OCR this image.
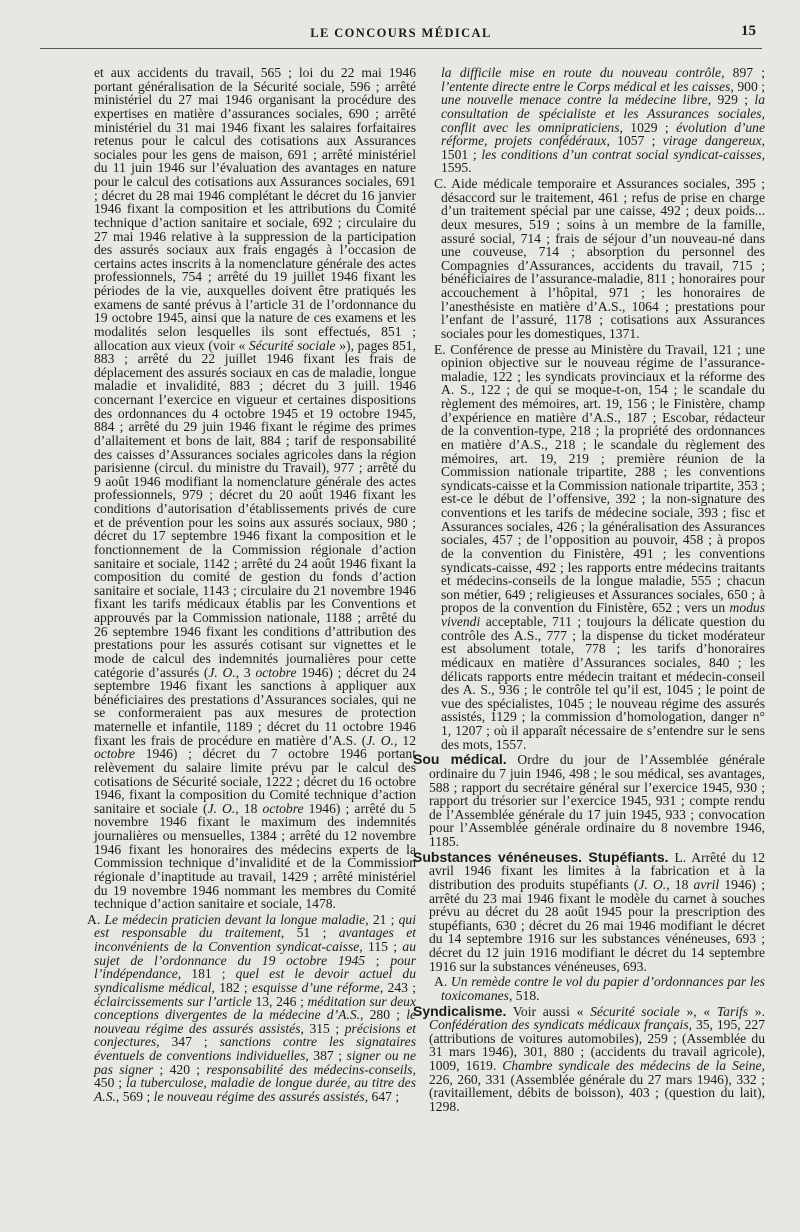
LE CONCOURS MÉDICAL	15

et aux accidents du travail, 565 ; loi du 22 mai 1946 portant généralisation de la Sécurité sociale, 596 ; arrêté ministériel du 27 mai 1946 organisant la procédure des expertises en matière d’assurances sociales, 690 ; arrêté ministériel du 31 mai 1946 fixant les salaires forfaitaires retenus pour le calcul des cotisations aux Assurances sociales pour les gens de maison, 691 ; arrêté ministériel du 11 juin 1946 sur l’évaluation des avantages en nature pour le calcul des cotisations aux Assurances sociales, 691 ; décret du 28 mai 1946 complétant le décret du 16 janvier 1946 fixant la composition et les attributions du Comité technique d’action sanitaire et sociale, 692 ; circulaire du 27 mai 1946 relative à la suppression de la participation des assurés sociaux aux frais engagés à l’occasion de certains actes inscrits à la nomenclature générale des actes professionnels, 754 ; arrêté du 19 juillet 1946 fixant les périodes de la vie, auxquelles doivent être pratiqués les examens de santé prévus à l’article 31 de l’ordonnance du 19 octobre 1945, ainsi que la nature de ces examens et les modalités selon lesquelles ils sont effectués, 851 ; allocation aux vieux (voir « Sécurité sociale »), pages 851, 883 ; arrêté du 22 juillet 1946 fixant les frais de déplacement des assurés sociaux en cas de maladie, longue maladie et invalidité, 883 ; décret du 3 juill. 1946 concernant l’exercice en vigueur et certaines dispositions des ordonnances du 4 octobre 1945 et 19 octobre 1945, 884 ; arrêté du 29 juin 1946 fixant le régime des primes d’allaitement et bons de lait, 884 ; tarif de responsabilité des caisses d’Assurances sociales agricoles dans la région parisienne (circul. du ministre du Travail), 977 ; arrêté du 9 août 1946 modifiant la nomenclature générale des actes professionnels, 979 ; décret du 20 août 1946 fixant les conditions d’autorisation d’établissements privés de cure et de prévention pour les soins aux assurés sociaux, 980 ; décret du 17 septembre 1946 fixant la composition et le fonctionnement de la Commission régionale d’action sanitaire et sociale, 1142 ; arrêté du 24 août 1946 fixant la composition du comité de gestion du fonds d’action sanitaire et sociale, 1143 ; circulaire du 21 novembre 1946 fixant les tarifs médicaux établis par les Conventions et approuvés par la Commission nationale, 1188 ; arrêté du 26 septembre 1946 fixant les conditions d’attribution des prestations pour les assurés cotisant sur vignettes et le mode de calcul des indemnités journalières pour cette catégorie d’assurés (J. O., 3 octobre 1946) ; décret du 24 septembre 1946 fixant les sanctions à appliquer aux bénéficiaires des prestations d’Assurances sociales, qui ne se conformeraient pas aux mesures de protection maternelle et infantile, 1189 ; décret du 11 octobre 1946 fixant les frais de procédure en matière d’A.S. (J. O., 12 octobre 1946) ; décret du 7 octobre 1946 portant relèvement du salaire limite prévu par le calcul des cotisations de Sécurité sociale, 1222 ; décret du 16 octobre 1946, fixant la composition du Comité technique d’action sanitaire et sociale (J. O., 18 octobre 1946) ; arrêté du 5 novembre 1946 fixant le maximum des indemnités journalières ou mensuelles, 1384 ; arrêté du 12 novembre 1946 fixant les honoraires des médecins experts de la Commission technique d’invalidité et de la Commission régionale d’inaptitude au travail, 1429 ; arrêté ministériel du 19 novembre 1946 nommant les membres du Comité technique d’action sanitaire et sociale, 1478.

A. Le médecin praticien devant la longue maladie, 21 ; qui est responsable du traitement, 51 ; avantages et inconvénients de la Convention syndicat-caisse, 115 ; au sujet de l’ordonnance du 19 octobre 1945 ; pour l’indépendance, 181 ; quel est le devoir actuel du syndicalisme médical, 182 ; esquisse d’une réforme, 243 ; éclaircissements sur l’article 13, 246 ; méditation sur deux conceptions divergentes de la médecine d’A.S., 280 ; le nouveau régime des assurés assistés, 315 ; précisions et conjectures, 347 ; sanctions contre les signataires éventuels de conventions individuelles, 387 ; signer ou ne pas signer ; 420 ; responsabilité des médecins-conseils, 450 ; la tuberculose, maladie de longue durée, au titre des A.S., 569 ; le nouveau régime des assurés assistés, 647 ;

la difficile mise en route du nouveau contrôle, 897 ; l’entente directe entre le Corps médical et les caisses, 900 ; une nouvelle menace contre la médecine libre, 929 ; la consultation de spécialiste et les Assurances sociales, conflit avec les omnipraticiens, 1029 ; évolution d’une réforme, projets confédéraux, 1057 ; virage dangereux, 1501 ; les conditions d’un contrat social syndicat-caisses, 1595.

C. Aide médicale temporaire et Assurances sociales, 395 ; désaccord sur le traitement, 461 ; refus de prise en charge d’un traitement spécial par une caisse, 492 ; deux poids... deux mesures, 519 ; soins à un membre de la famille, assuré social, 714 ; frais de séjour d’un nouveau-né dans une couveuse, 714 ; absorption du personnel des Compagnies d’Assurances, accidents du travail, 715 ; bénéficiaires de l’assurance-maladie, 811 ; honoraires pour accouchement à l’hôpital, 971 ; les honoraires de l’anesthésiste en matière d’A.S., 1064 ; prestations pour l’enfant de l’assuré, 1178 ; cotisations aux Assurances sociales pour les domestiques, 1371.

E. Conférence de presse au Ministère du Travail, 121 ; une opinion objective sur le nouveau régime de l’assurance-maladie, 122 ; les syndicats provinciaux et la réforme des A. S., 122 ; de qui se moque-t-on, 154 ; le scandale du règlement des mémoires, art. 19, 156 ; le Finistère, champ d’expérience en matière d’A.S., 187 ; Escobar, rédacteur de la convention-type, 218 ; la propriété des ordonnances en matière d’A.S., 218 ; le scandale du règlement des mémoires, art. 19, 219 ; première réunion de la Commission nationale tripartite, 288 ; les conventions syndicats-caisse et la Commission nationale tripartite, 353 ; est-ce le début de l’offensive, 392 ; la non-signature des conventions et les tarifs de médecine sociale, 393 ; fisc et Assurances sociales, 426 ; la généralisation des Assurances sociales, 457 ; de l’opposition au pouvoir, 458 ; à propos de la convention du Finistère, 491 ; les conventions syndicats-caisse, 492 ; les rapports entre médecins traitants et médecins-conseils de la longue maladie, 555 ; chacun son métier, 649 ; religieuses et Assurances sociales, 650 ; à propos de la convention du Finistère, 652 ; vers un modus vivendi acceptable, 711 ; toujours la délicate question du contrôle des A.S., 777 ; la dispense du ticket modérateur est absolument totale, 778 ; les tarifs d’honoraires médicaux en matière d’Assurances sociales, 840 ; les délicats rapports entre médecin traitant et médecin-conseil des A. S., 936 ; le contrôle tel qu’il est, 1045 ; le point de vue des spécialistes, 1045 ; le nouveau régime des assurés assistés, 1129 ; la commission d’homologation, danger n° 1, 1207 ; où il apparaît nécessaire de s’entendre sur le sens des mots, 1557.

Sou médical. Ordre du jour de l’Assemblée générale ordinaire du 7 juin 1946, 498 ; le sou médical, ses avantages, 588 ; rapport du secrétaire général sur l’exercice 1945, 930 ; rapport du trésorier sur l’exercice 1945, 931 ; compte rendu de l’Assemblée générale du 17 juin 1945, 933 ; convocation pour l’Assemblée générale ordinaire du 8 novembre 1946, 1185.

Substances vénéneuses. Stupéfiants. L. Arrêté du 12 avril 1946 fixant les limites à la fabrication et à la distribution des produits stupéfiants (J. O., 18 avril 1946) ; arrêté du 23 mai 1946 fixant le modèle du carnet à souches prévu au décret du 28 août 1945 pour la prescription des stupéfiants, 630 ; décret du 26 mai 1946 modifiant le décret du 14 septembre 1916 sur les substances vénéneuses, 693 ; décret du 12 juin 1916 modifiant le décret du 14 septembre 1916 sur la substances vénéneuses, 693.

A. Un remède contre le vol du papier d’ordonnances par les toxicomanes, 518.

Syndicalisme. Voir aussi « Sécurité sociale », « Tarifs ». Confédération des syndicats médicaux français, 35, 195, 227 (attributions de voitures automobiles), 259 ; (Assemblée du 31 mars 1946), 301, 880 ; (accidents du travail agricole), 1009, 1619. Chambre syndicale des médecins de la Seine, 226, 260, 331 (Assemblée générale du 27 mars 1946), 332 ; (ravitaillement, débits de boisson), 403 ; (question du lait), 1298.
